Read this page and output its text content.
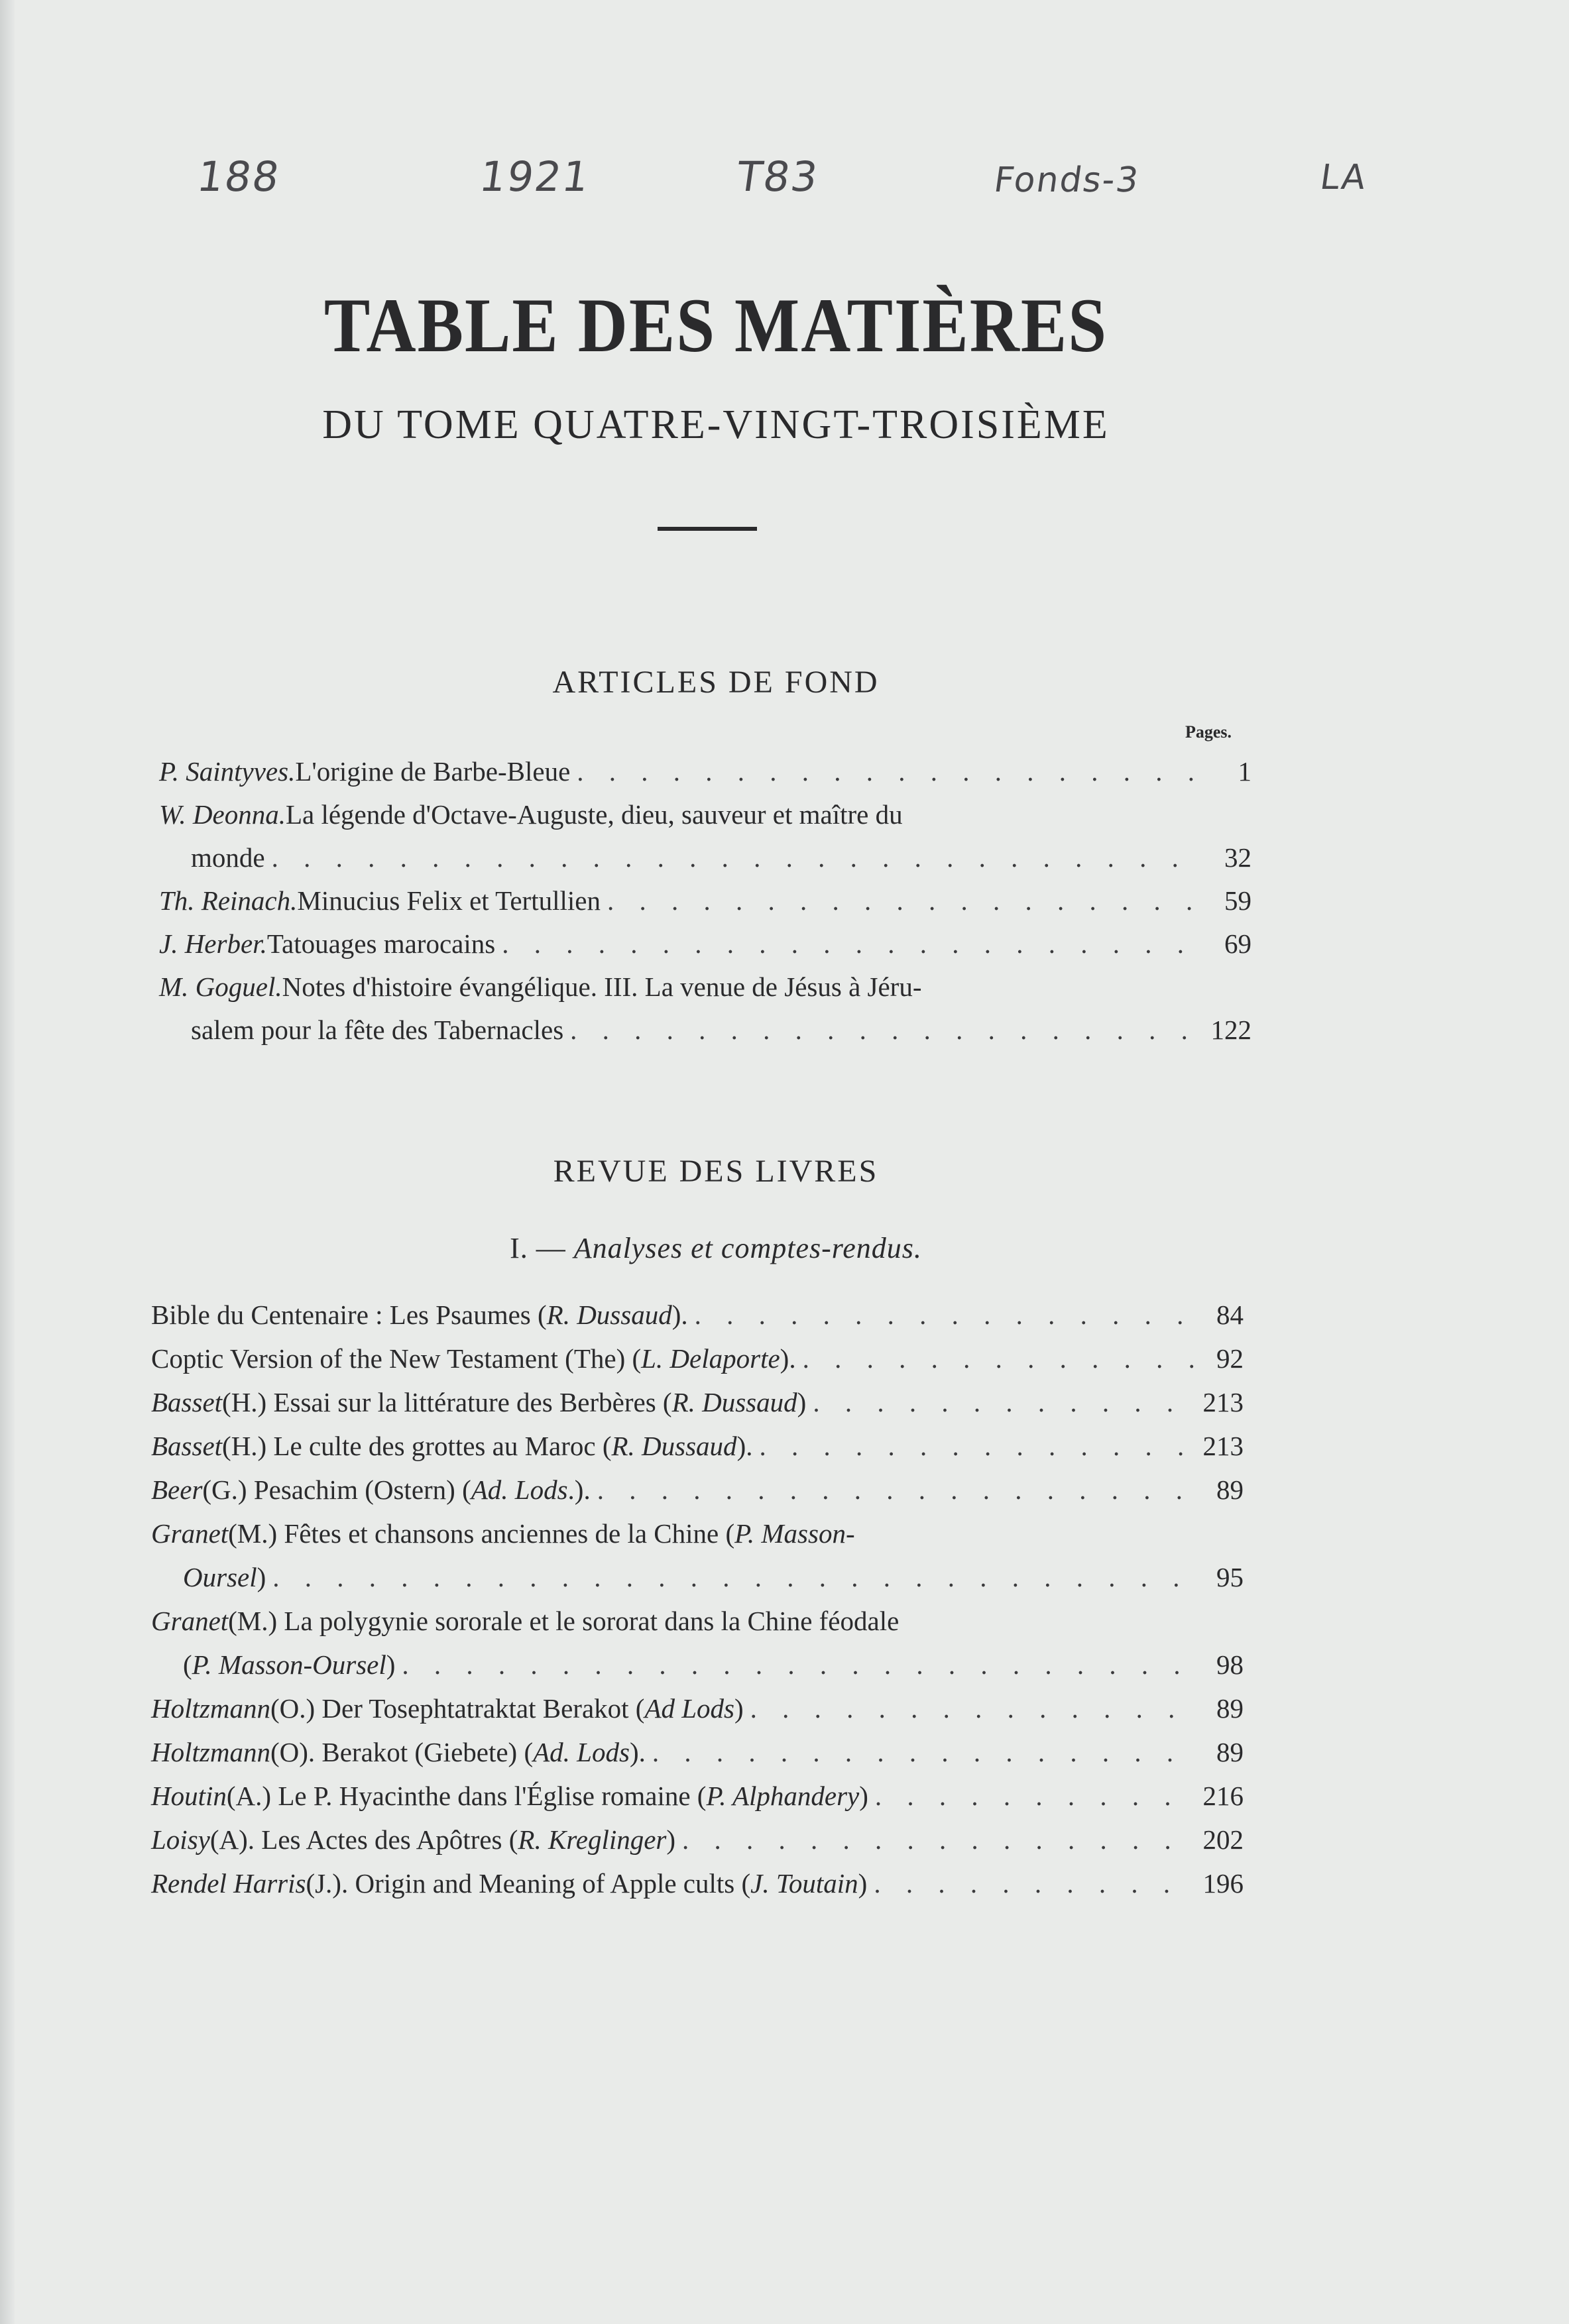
188	1921	T83	Fonds-3	LA
TABLE DES MATIÈRES
DU TOME QUATRE-VINGT-TROISIÈME
ARTICLES DE FOND
Pages.
P. Saintyves. L'origine de Barbe-Bleue . . .	1
W. Deonna. La légende d'Octave-Auguste, dieu, sauveur et maître du
monde . . .	32
Th. Reinach. Minucius Felix et Tertullien . . .	59
J. Herber. Tatouages marocains . . .	69
M. Goguel. Notes d'histoire évangélique. III. La venue de Jésus à Jéru-
salem pour la fête des Tabernacles . . .	122
REVUE DES LIVRES
I. — Analyses et comptes-rendus.
Bible du Centenaire : Les Psaumes ( R. Dussaud ). . . .	84
Coptic Version of the New Testament (The) ( L. Delaporte ). . . .	92
Basset (H.) Essai sur la littérature des Berbères ( R. Dussaud ) . . .	213
Basset (H.) Le culte des grottes au Maroc ( R. Dussaud ). . . .	213
Beer (G.) Pesachim (Ostern) ( Ad. Lods .). . . .	89
Granet (M.) Fêtes et chansons anciennes de la Chine ( P. Masson-
Oursel ) . . .	95
Granet (M.) La polygynie sororale et le sororat dans la Chine féodale
( P. Masson-Oursel ) . . .	98
Holtzmann (O.) Der Tosephtatraktat Berakot ( Ad Lods ) . . .	89
Holtzmann (O). Berakot (Giebete) ( Ad. Lods ). . . .	89
Houtin (A.) Le P. Hyacinthe dans l'Église romaine ( P. Alphandery ) . . .	216
Loisy (A). Les Actes des Apôtres ( R. Kreglinger ) . . .	202
Rendel Harris (J.). Origin and Meaning of Apple cults ( J. Toutain ) . . .	196
